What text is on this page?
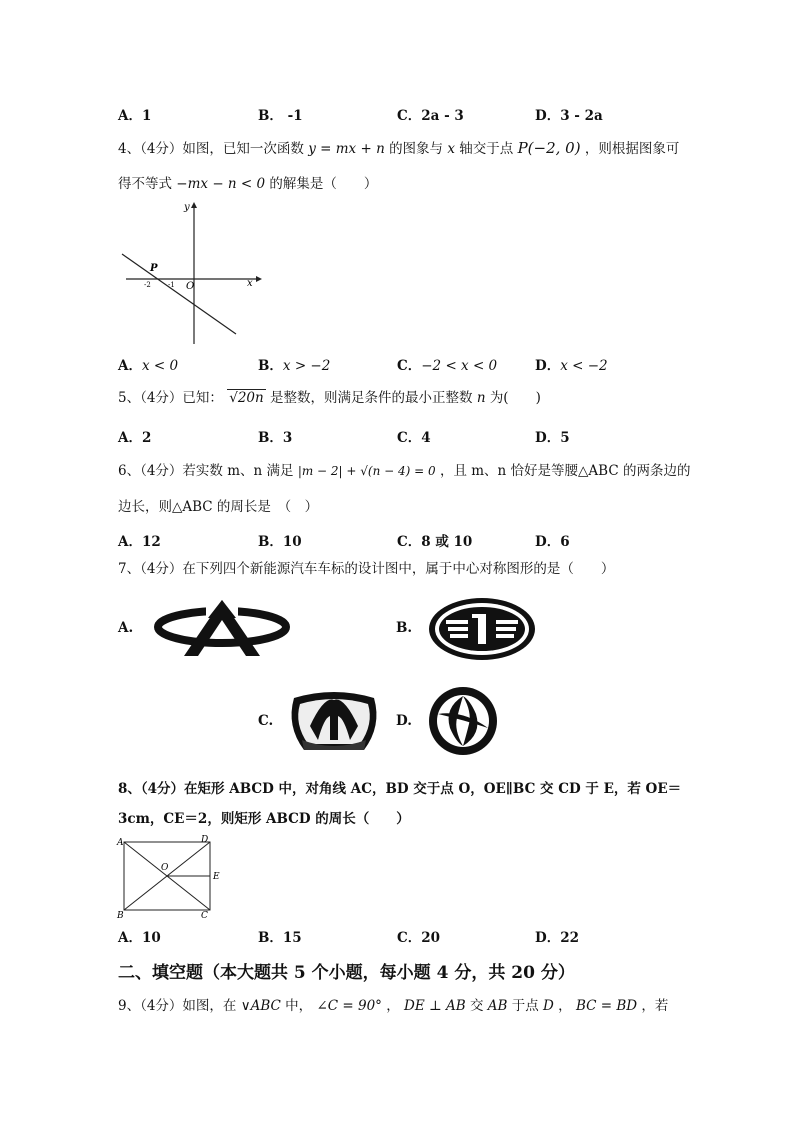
A．1	B． -1	C．2a - 3	D．3 - 2a
4、（4分）如图，已知一次函数 y = mx + n 的图象与 x 轴交于点 P(−2, 0) ，则根据图象可
得不等式 −mx − n < 0 的解集是（　　）
y
x
P
O
-2 -1
A．x < 0	B．x > −2	C．−2 < x < 0	D．x < −2
5、（4分）已知： √20n 是整数，则满足条件的最小正整数 n 为(　　)
A．2	B．3	C．4	D．5
6、（4分）若实数 m、n 满足 |m − 2| + √(n − 4) = 0 ，且 m、n 恰好是等腰△ABC 的两条边的
边长，则△ABC 的周长是　（　）
A．12	B．10	C．8 或 10	D．6
7、（4分）在下列四个新能源汽车车标的设计图中，属于中心对称图形的是（　　）
A.	B.
C.	D.
8、（4分）在矩形 ABCD 中，对角线 AC，BD 交于点 O，OE∥BC 交 CD 于 E，若 OE＝
3cm，CE＝2，则矩形 ABCD 的周长（　　）
A	D
B	C
O
E
A．10	B．15	C．20	D．22
二、填空题（本大题共 5 个小题，每小题 4 分，共 20 分）
9、（4分）如图，在 ∨ABC 中， ∠C = 90° ， DE ⊥ AB 交 AB 于点 D ， BC = BD ，若
